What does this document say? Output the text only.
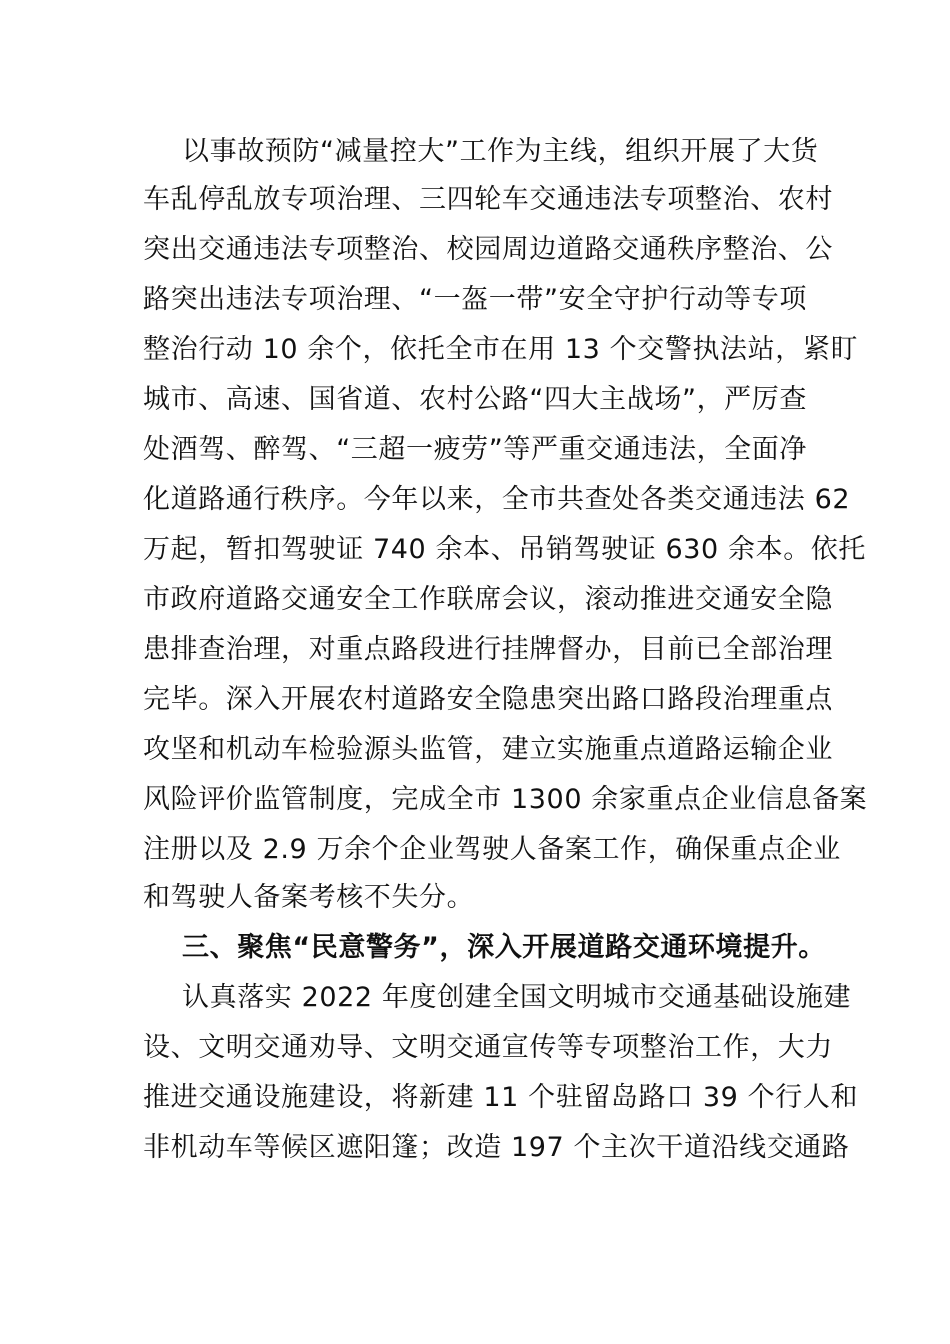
以事故预防“减量控大”工作为主线，组织开展了大货
车乱停乱放专项治理、三四轮车交通违法专项整治、农村
突出交通违法专项整治、校园周边道路交通秩序整治、公
路突出违法专项治理、“一盔一带”安全守护行动等专项
整治行动 10 余个，依托全市在用 13 个交警执法站，紧盯
城市、高速、国省道、农村公路“四大主战场”，严厉查
处酒驾、醉驾、“三超一疲劳”等严重交通违法，全面净
化道路通行秩序。今年以来，全市共查处各类交通违法 62
万起，暂扣驾驶证 740 余本、吊销驾驶证 630 余本。依托
市政府道路交通安全工作联席会议，滚动推进交通安全隐
患排查治理，对重点路段进行挂牌督办，目前已全部治理
完毕。深入开展农村道路安全隐患突出路口路段治理重点
攻坚和机动车检验源头监管，建立实施重点道路运输企业
风险评价监管制度，完成全市 1300 余家重点企业信息备案
注册以及 2.9 万余个企业驾驶人备案工作，确保重点企业
和驾驶人备案考核不失分。
三、聚焦“民意警务”，深入开展道路交通环境提升。
认真落实 2022 年度创建全国文明城市交通基础设施建
设、文明交通劝导、文明交通宣传等专项整治工作，大力
推进交通设施建设，将新建 11 个驻留岛路口 39 个行人和
非机动车等候区遮阳篷；改造 197 个主次干道沿线交通路
